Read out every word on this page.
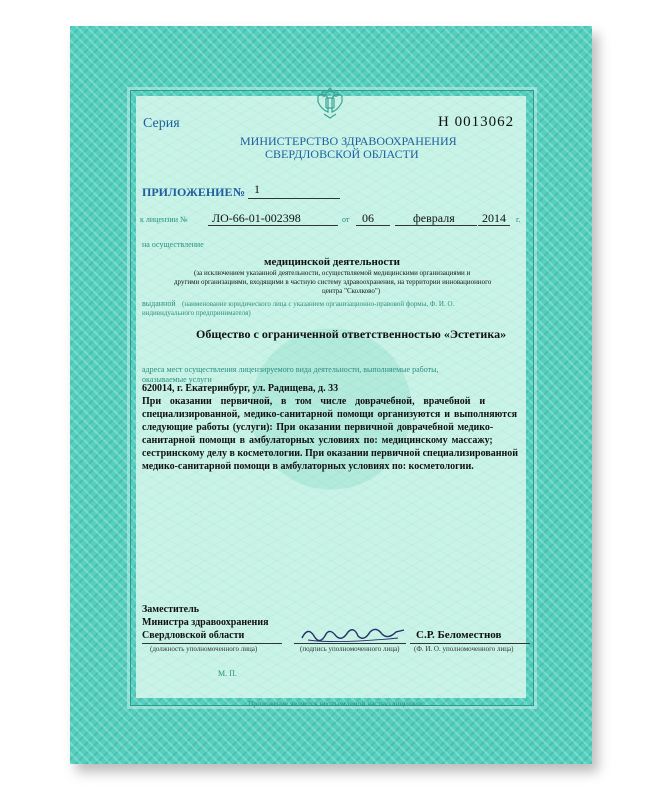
Серия	Н 0013062
МИНИСТЕРСТВО ЗДРАВООХРАНЕНИЯ
СВЕРДЛОВСКОЙ ОБЛАСТИ
ПРИЛОЖЕНИЕ № 1
к лицензии № ЛО-66-01-002398	от 06	февраля 2014 г.
на осуществление
медицинской деятельности
(за исключением указанной деятельности, осуществляемой медицинскими организациями и
другими организациями, входящими в частную систему здравоохранения, на территории инновационного
центра "Сколково")
выданной (наименование юридического лица с указанием организационно-правовой формы, Ф. И. О.
индивидуального предпринимателя)
Общество с ограниченной ответственностью «Эстетика»
адреса мест осуществления лицензируемого вида деятельности, выполняемые работы,
оказываемые услуги
620014, г. Екатеринбург, ул. Радищева, д. 33
При оказании первичной, в том числе доврачебной, врачебной и
специализированной, медико-санитарной помощи организуются и выполняются
следующие работы (услуги): При оказании первичной доврачебной медико-
санитарной помощи в амбулаторных условиях по: медицинскому массажу;
сестринскому делу в косметологии. При оказании первичной специализированной
медико-санитарной помощи в амбулаторных условиях по: косметологии.
Заместитель
Министра здравоохранения
Свердловской области
(должность уполномоченного лица)	(подпись уполномоченного лица)
С.Р. Беломестнов
(Ф. И. О. уполномоченного лица)
М. П.
Приложение является неотъемлемой частью лицензии
